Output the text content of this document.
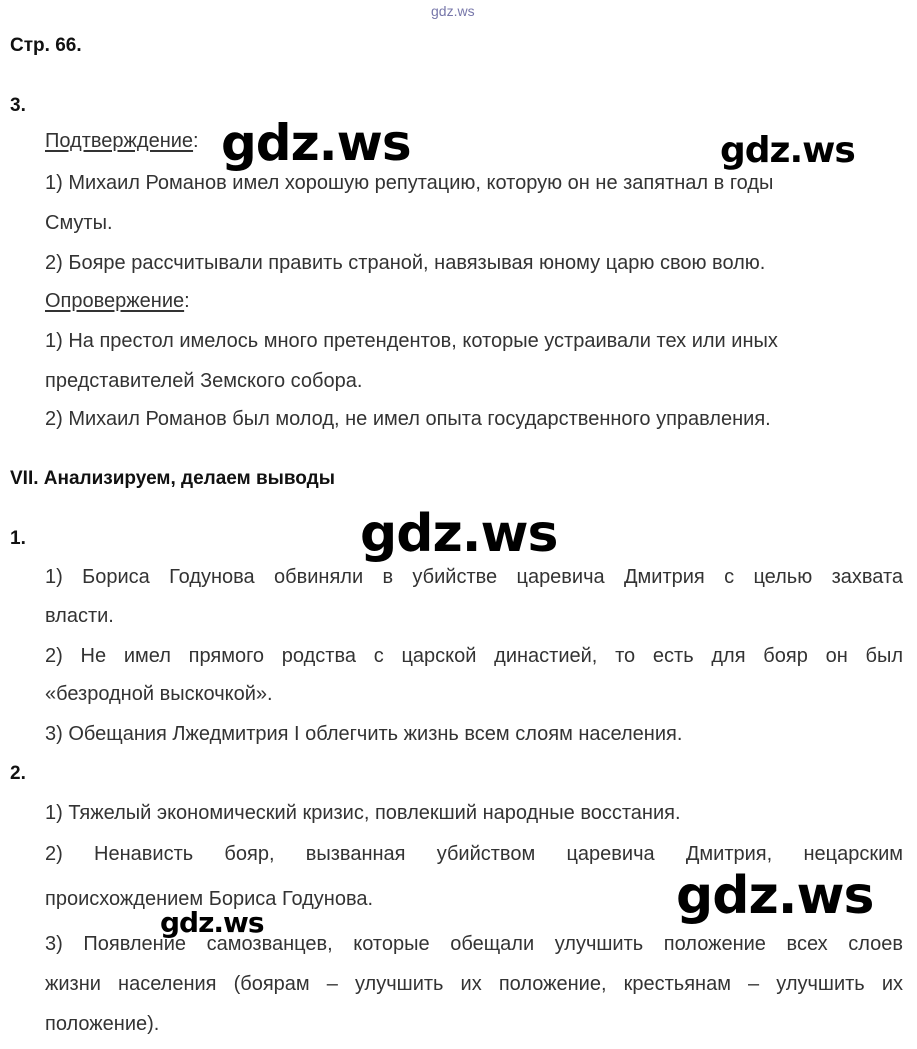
gdz.ws
Стр. 66.
3.
Подтверждение:
1) Михаил Романов имел хорошую репутацию, которую он не запятнал в годы
Смуты.
2) Бояре рассчитывали править страной, навязывая юному царю свою волю.
Опровержение:
1) На престол имелось много претендентов, которые устраивали тех или иных
представителей Земского собора.
2) Михаил Романов был молод, не имел опыта государственного управления.
VII. Анализируем, делаем выводы
1.
1) Бориса Годунова обвиняли в убийстве царевича Дмитрия с целью захвата
власти.
2) Не имел прямого родства с царской династией, то есть для бояр он был
«безродной выскочкой».
3) Обещания Лжедмитрия I облегчить жизнь всем слоям населения.
2.
1) Тяжелый экономический кризис, повлекший народные восстания.
2) Ненависть бояр, вызванная убийством царевича Дмитрия, нецарским
происхождением Бориса Годунова.
3) Появление самозванцев, которые обещали улучшить положение всех слоев
жизни населения (боярам – улучшить их положение, крестьянам – улучшить их
положение).
gdz.ws	gdz.ws
gdz.ws
gdz.ws
gdz.ws
